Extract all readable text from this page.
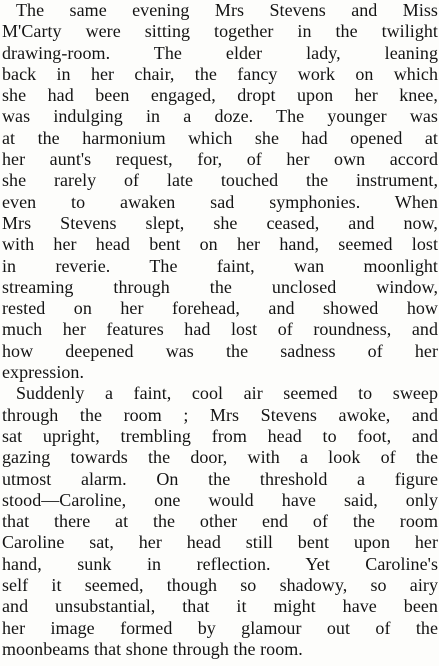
The same evening Mrs Stevens and Miss
M'Carty were sitting together in the twilight
drawing-room. The elder lady, leaning
back in her chair, the fancy work on which
she had been engaged, dropt upon her knee,
was indulging in a doze. The younger was
at the harmonium which she had opened at
her aunt's request, for, of her own accord
she rarely of late touched the instrument,
even to awaken sad symphonies. When
Mrs Stevens slept, she ceased, and now,
with her head bent on her hand, seemed lost
in reverie. The faint, wan moonlight
streaming through the unclosed window,
rested on her forehead, and showed how
much her features had lost of roundness, and
how deepened was the sadness of her
expression.
Suddenly a faint, cool air seemed to sweep
through the room ; Mrs Stevens awoke, and
sat upright, trembling from head to foot, and
gazing towards the door, with a look of the
utmost alarm. On the threshold a figure
stood—Caroline, one would have said, only
that there at the other end of the room
Caroline sat, her head still bent upon her
hand, sunk in reflection. Yet Caroline's
self it seemed, though so shadowy, so airy
and unsubstantial, that it might have been
her image formed by glamour out of the
moonbeams that shone through the room.
